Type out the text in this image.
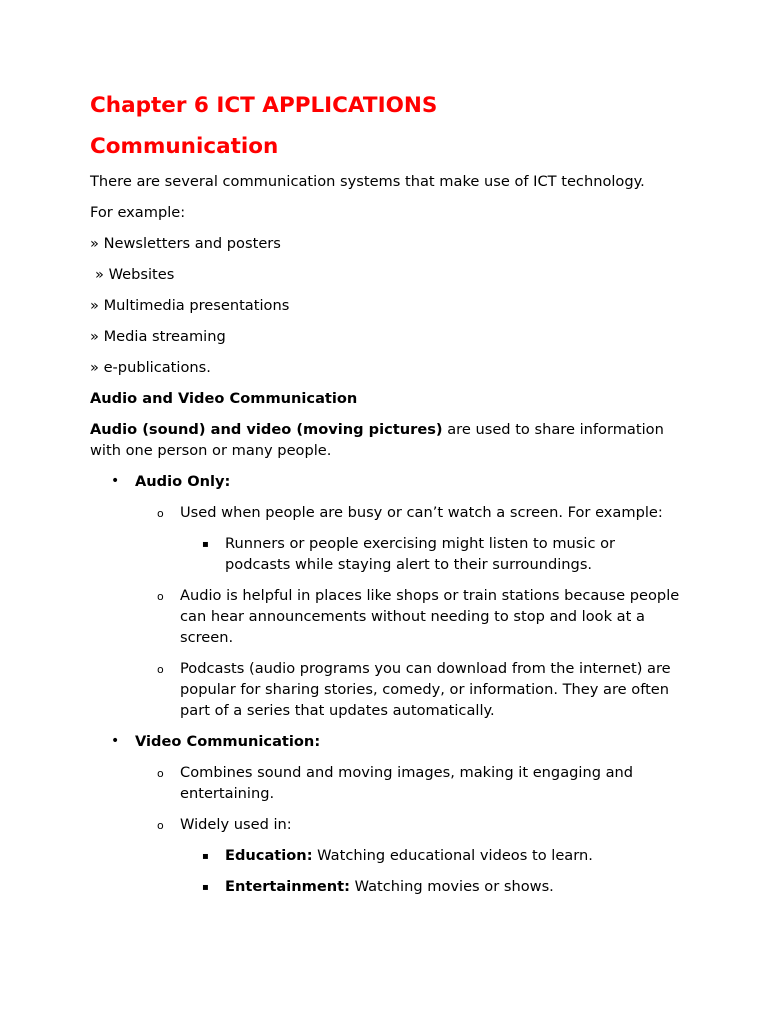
Chapter 6 ICT APPLICATIONS
Communication

There are several communication systems that make use of ICT technology.

For example:

» Newsletters and posters

» Websites

» Multimedia presentations

» Media streaming

» e-publications.

Audio and Video Communication

Audio (sound) and video (moving pictures) are used to share information with one person or many people.

• Audio Only:
o Used when people are busy or can’t watch a screen. For example:
▪ Runners or people exercising might listen to music or podcasts while staying alert to their surroundings.
o Audio is helpful in places like shops or train stations because people can hear announcements without needing to stop and look at a screen.
o Podcasts (audio programs you can download from the internet) are popular for sharing stories, comedy, or information. They are often part of a series that updates automatically.
• Video Communication:
o Combines sound and moving images, making it engaging and entertaining.
o Widely used in:
▪ Education: Watching educational videos to learn.
▪ Entertainment: Watching movies or shows.
